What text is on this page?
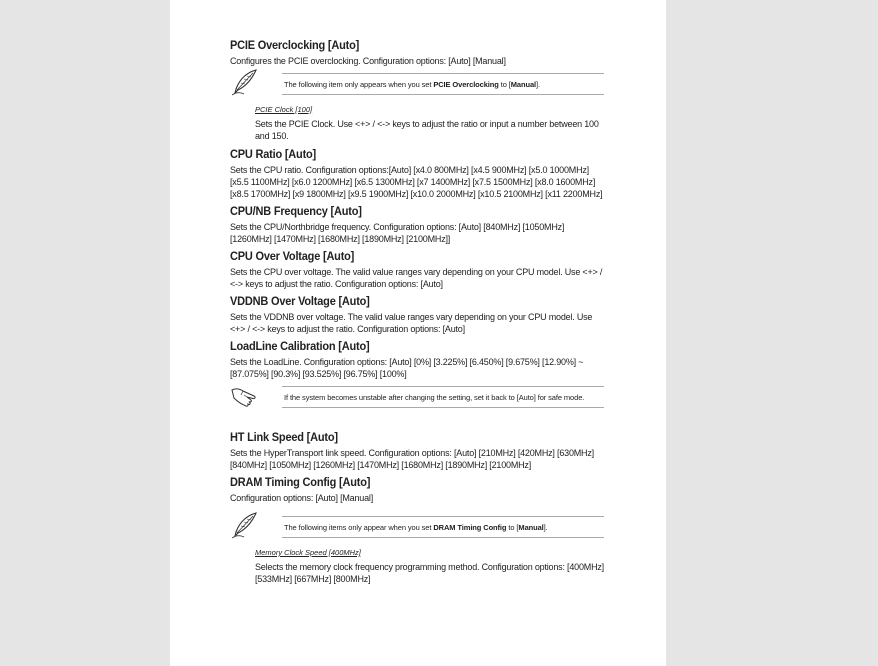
PCIE Overclocking [Auto]

Configures the PCIE overclocking. Configuration options: [Auto] [Manual]

The following item only appears when you set PCIE Overclocking to [Manual].
PCIE Clock [100]

Sets the PCIE Clock. Use <+> / <-> keys to adjust the ratio or input a number between 100 and 150.

CPU Ratio [Auto]

Sets the CPU ratio. Configuration options:[Auto] [x4.0 800MHz] [x4.5 900MHz] [x5.0 1000MHz] [x5.5 1100MHz] [x6.0 1200MHz] [x6.5 1300MHz] [x7 1400MHz] [x7.5 1500MHz] [x8.0 1600MHz] [x8.5 1700MHz] [x9 1800MHz] [x9.5 1900MHz] [x10.0 2000MHz] [x10.5 2100MHz] [x11 2200MHz]

CPU/NB Frequency [Auto]

Sets the CPU/Northbridge frequency. Configuration options: [Auto] [840MHz] [1050MHz] [1260MHz] [1470MHz] [1680MHz] [1890MHz] [2100MHz]]

CPU Over Voltage [Auto]

Sets the CPU over voltage. The valid value ranges vary depending on your CPU model. Use <+> / <-> keys to adjust the ratio. Configuration options: [Auto]

VDDNB Over Voltage [Auto]

Sets the VDDNB over voltage. The valid value ranges vary depending on your CPU model. Use <+> / <-> keys to adjust the ratio. Configuration options: [Auto]

LoadLine Calibration [Auto]

Sets the LoadLine. Configuration options: [Auto] [0%] [3.225%] [6.450%] [9.675%] [12.90%] ~ [87.075%] [90.3%] [93.525%] [96.75%] [100%]

If the system becomes unstable after changing the setting, set it back to [Auto] for safe mode.
HT Link Speed [Auto]

Sets the HyperTransport link speed. Configuration options: [Auto] [210MHz] [420MHz] [630MHz] [840MHz] [1050MHz] [1260MHz] [1470MHz] [1680MHz] [1890MHz] [2100MHz]

DRAM Timing Config [Auto]

Configuration options: [Auto] [Manual]

The following items only appear when you set DRAM Timing Config to [Manual].
Memory Clock Speed [400MHz]

Selects the memory clock frequency programming method. Configuration options: [400MHz] [533MHz] [667MHz] [800MHz]
